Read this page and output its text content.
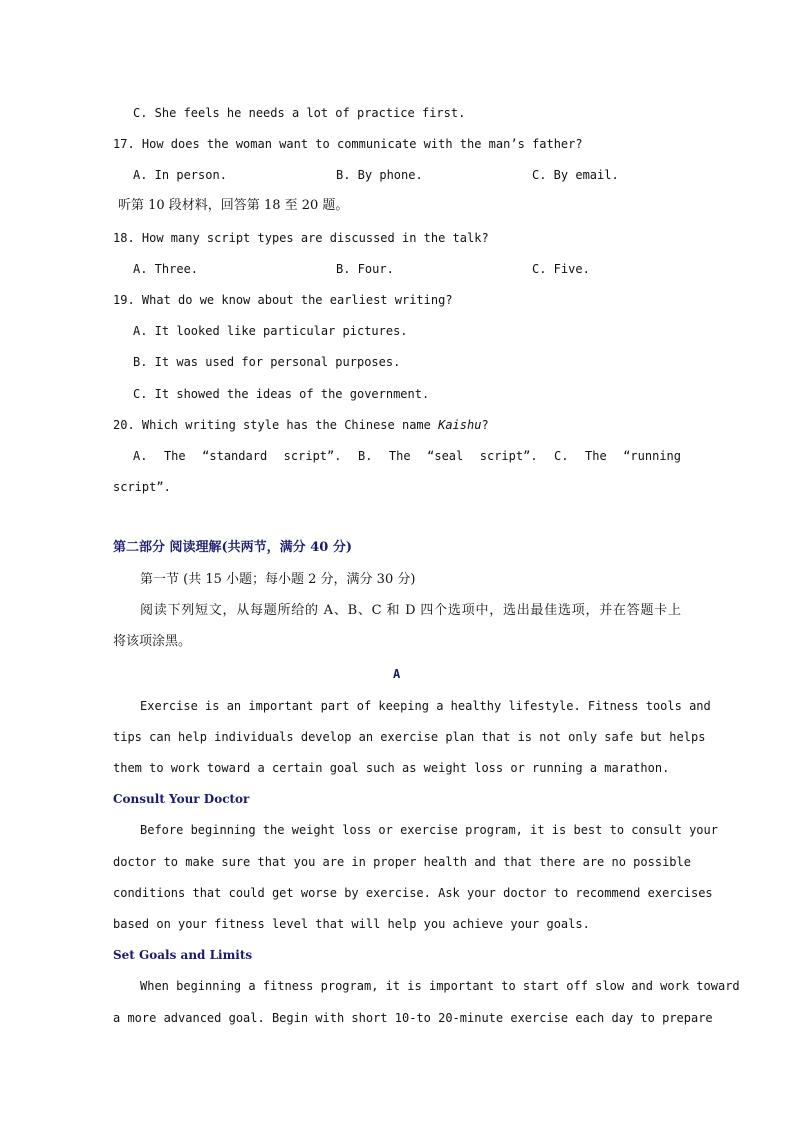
C. She feels he needs a lot of practice first.
17. How does the woman want to communicate with the man’s father?
A. In person.	B. By phone.	C. By email.
听第 10 段材料，回答第 18 至 20 题。
18. How many script types are discussed in the talk?
A. Three.	B. Four.	C. Five.
19. What do we know about the earliest writing?
A. It looked like particular pictures.
B. It was used for personal purposes.
C. It showed the ideas of the government.
20. Which writing style has the Chinese name Kaishu?
A. The “standard script”. B. The “seal script”. C. The “running
script”.
第二部分 阅读理解(共两节，满分 40 分)
第一节 (共 15 小题；每小题 2 分，满分 30 分)
阅读下列短文，从每题所给的 A、B、C 和 D 四个选项中，选出最佳选项，并在答题卡上
将该项涂黑。
A
Exercise is an important part of keeping a healthy lifestyle. Fitness tools and
tips can help individuals develop an exercise plan that is not only safe but helps
them to work toward a certain goal such as weight loss or running a marathon.
Consult Your Doctor
Before beginning the weight loss or exercise program, it is best to consult your
doctor to make sure that you are in proper health and that there are no possible
conditions that could get worse by exercise. Ask your doctor to recommend exercises
based on your fitness level that will help you achieve your goals.
Set Goals and Limits
When beginning a fitness program, it is important to start off slow and work toward
a more advanced goal. Begin with short 10-to 20-minute exercise each day to prepare
